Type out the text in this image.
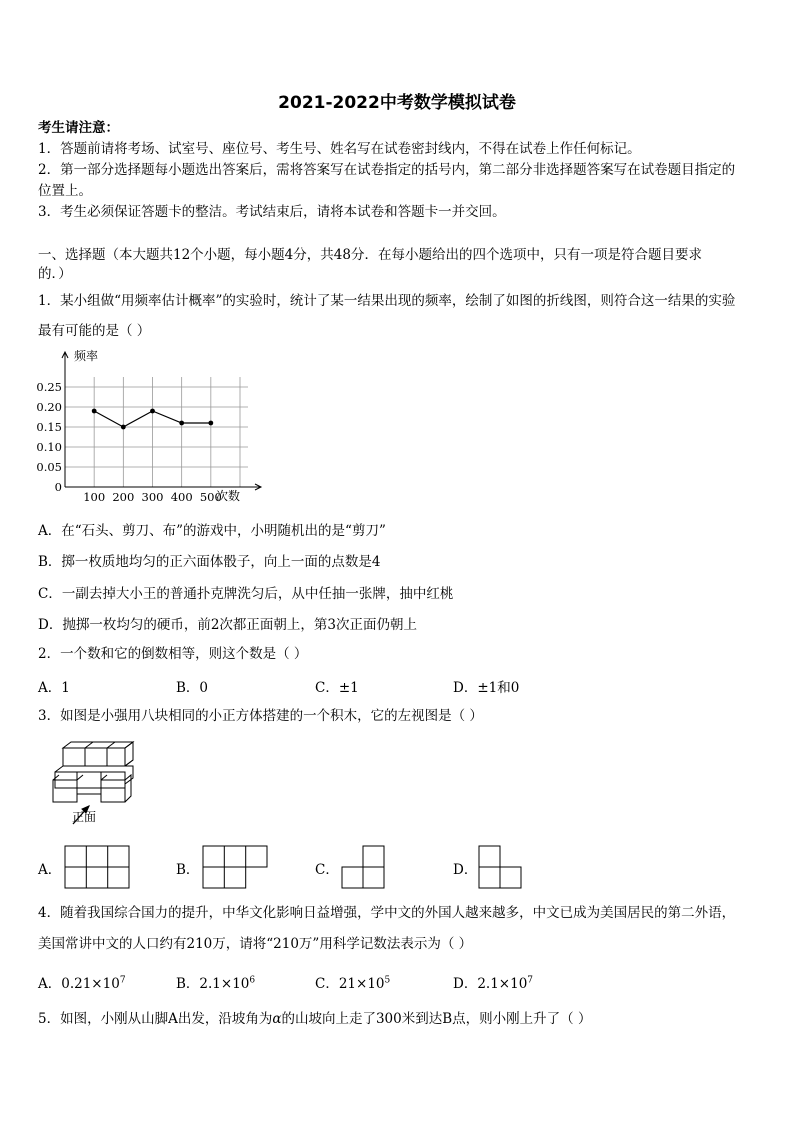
2021-2022中考数学模拟试卷
考生请注意：
1．答题前请将考场、试室号、座位号、考生号、姓名写在试卷密封线内，不得在试卷上作任何标记。
2．第一部分选择题每小题选出答案后，需将答案写在试卷指定的括号内，第二部分非选择题答案写在试卷题目指定的
位置上。
3．考生必须保证答题卡的整洁。考试结束后，请将本试卷和答题卡一并交回。
一、选择题（本大题共12个小题，每小题4分，共48分．在每小题给出的四个选项中，只有一项是符合题目要求
的．）
1．某小组做“用频率估计概率”的实验时，统计了某一结果出现的频率，绘制了如图的折线图，则符合这一结果的实验
最有可能的是（ ）
0
0.05
0.10
0.15
0.20
0.25
100 200 300 400 500
频率
次数
A．在“石头、剪刀、布”的游戏中，小明随机出的是“剪刀”
B．掷一枚质地均匀的正六面体骰子，向上一面的点数是4
C．一副去掉大小王的普通扑克牌洗匀后，从中任抽一张牌，抽中红桃
D．抛掷一枚均匀的硬币，前2次都正面朝上，第3次正面仍朝上
2．一个数和它的倒数相等，则这个数是（ ）
A．1	B．0	C．±1	D．±1和0
3．如图是小强用八块相同的小正方体搭建的一个积木，它的左视图是（ ）
正面
A．	B．	C．	D．
4．随着我国综合国力的提升，中华文化影响日益增强，学中文的外国人越来越多，中文已成为美国居民的第二外语，
美国常讲中文的人口约有210万，请将“210万”用科学记数法表示为（ ）
A．$0.21\times 10^7$	B．$2.1\times 10^6$	C．$21\times 10^5$	D．$2.1\times 10^7$
5．如图，小刚从山脚A出发，沿坡角为α的山坡向上走了300米到达B点，则小刚上升了（ ）
